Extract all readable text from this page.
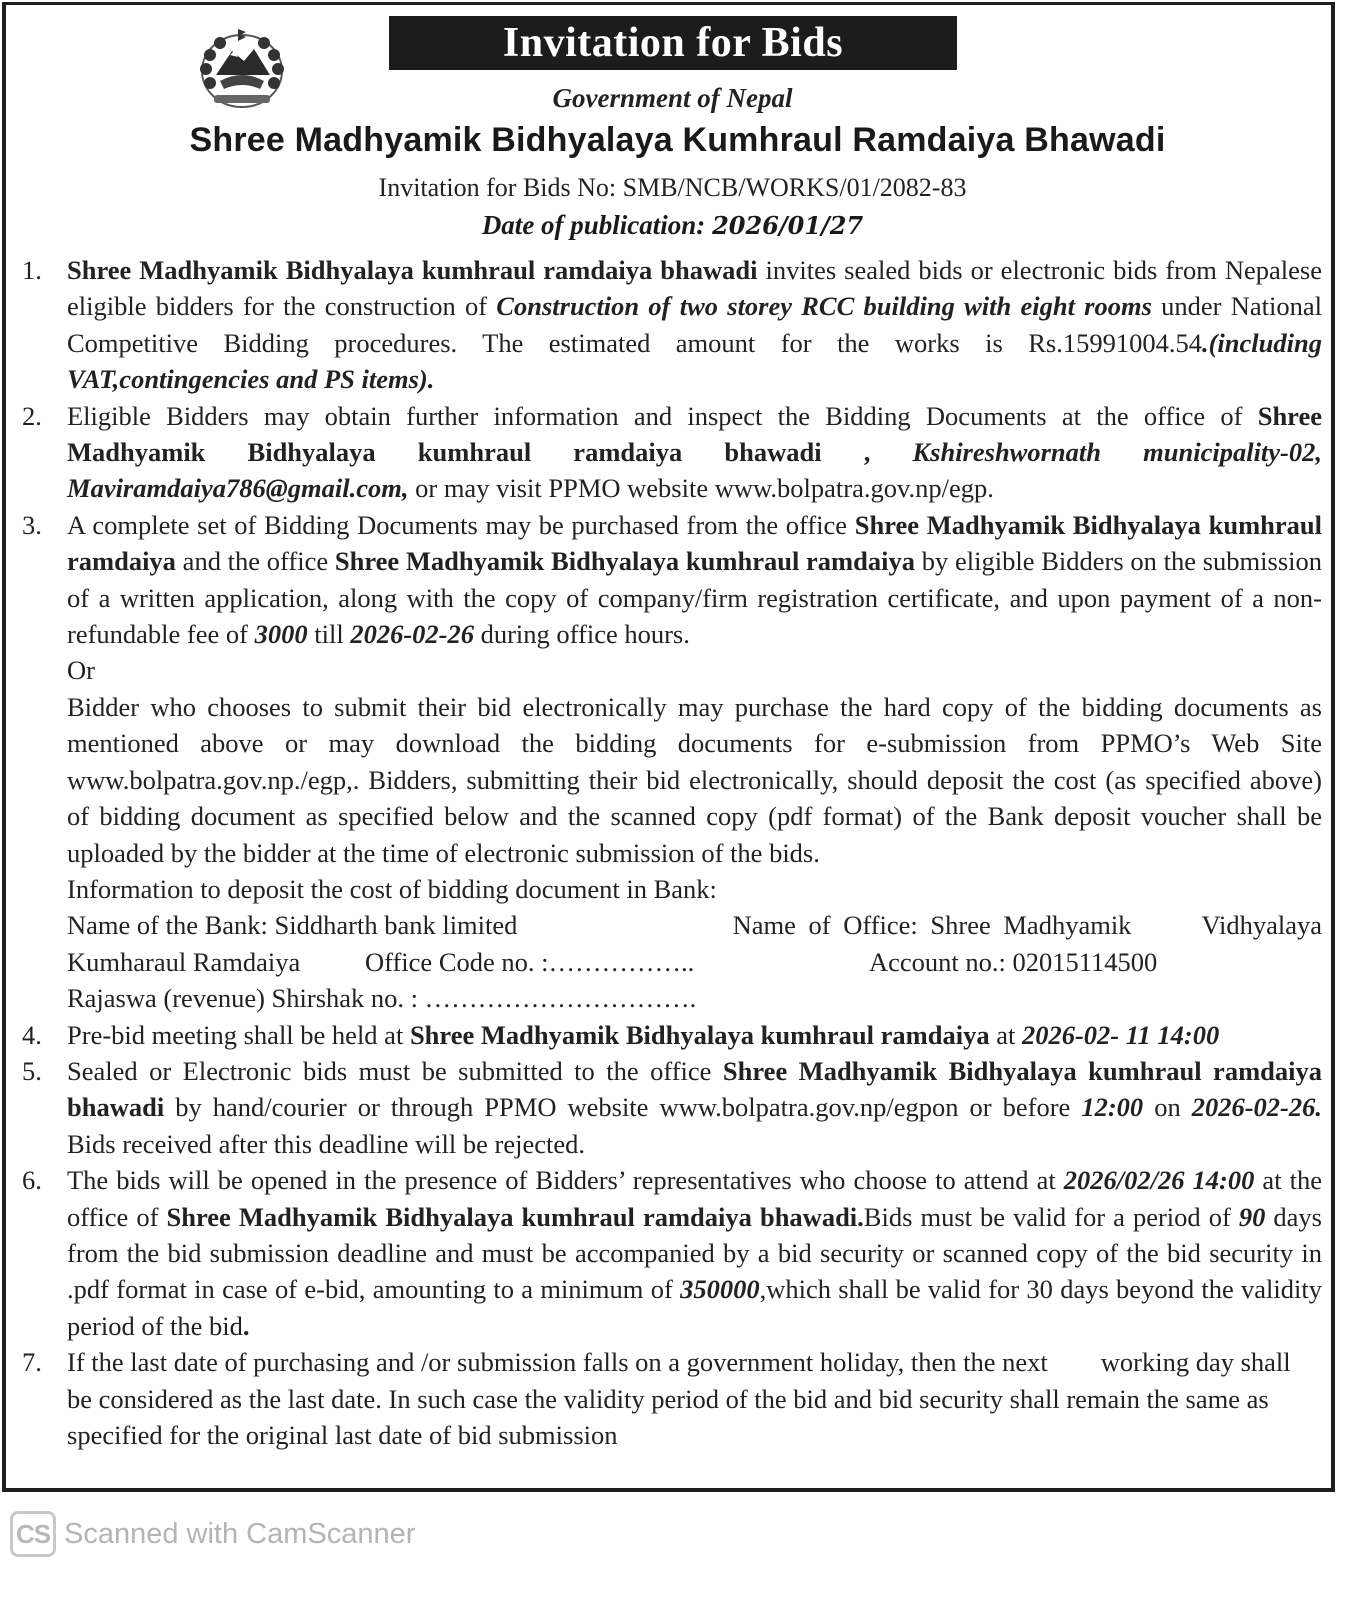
Invitation for Bids
Government of Nepal
Shree Madhyamik Bidhyalaya Kumhraul Ramdaiya Bhawadi
Invitation for Bids No: SMB/NCB/WORKS/01/2082-83
Date of publication: 2026/01/27
1. Shree Madhyamik Bidhyalaya kumhraul ramdaiya bhawadi invites sealed bids or electronic bids from Nepalese eligible bidders for the construction of Construction of two storey RCC building with eight rooms under National Competitive Bidding procedures. The estimated amount for the works is Rs.15991004.54.(including VAT,contingencies and PS items).
2. Eligible Bidders may obtain further information and inspect the Bidding Documents at the office of Shree Madhyamik Bidhyalaya kumhraul ramdaiya bhawadi , Kshireshwornath municipality-02, Maviramdaiya786@gmail.com, or may visit PPMO website www.bolpatra.gov.np/egp.
3. A complete set of Bidding Documents may be purchased from the office Shree Madhyamik Bidhyalaya kumhraul ramdaiya and the office Shree Madhyamik Bidhyalaya kumhraul ramdaiya by eligible Bidders on the submission of a written application, along with the copy of company/firm registration certificate, and upon payment of a non-refundable fee of 3000 till 2026-02-26 during office hours.
Or
Bidder who chooses to submit their bid electronically may purchase the hard copy of the bidding documents as mentioned above or may download the bidding documents for e-submission from PPMO’s Web Site www.bolpatra.gov.np./egp,. Bidders, submitting their bid electronically, should deposit the cost (as specified above) of bidding document as specified below and the scanned copy (pdf format) of the Bank deposit voucher shall be uploaded by the bidder at the time of electronic submission of the bids.
Information to deposit the cost of bidding document in Bank:
Name of the Bank: Siddharth bank limited	Name of Office: Shree Madhyamik	Vidhyalaya
Kumharaul Ramdaiya	Office Code no. :……………..	Account no.: 02015114500
Rajaswa (revenue) Shirshak no. : ………………………….
4. Pre-bid meeting shall be held at Shree Madhyamik Bidhyalaya kumhraul ramdaiya at 2026-02- 11 14:00
5. Sealed or Electronic bids must be submitted to the office Shree Madhyamik Bidhyalaya kumhraul ramdaiya bhawadi by hand/courier or through PPMO website www.bolpatra.gov.np/egpon or before 12:00 on 2026-02-26. Bids received after this deadline will be rejected.
6. The bids will be opened in the presence of Bidders’ representatives who choose to attend at 2026/02/26 14:00 at the office of Shree Madhyamik Bidhyalaya kumhraul ramdaiya bhawadi.Bids must be valid for a period of 90 days from the bid submission deadline and must be accompanied by a bid security or scanned copy of the bid security in .pdf format in case of e-bid, amounting to a minimum of 350000,which shall be valid for 30 days beyond the validity period of the bid.
7. If the last date of purchasing and /or submission falls on a government holiday, then the next        working day shall be considered as the last date. In such case the validity period of the bid and bid security shall remain the same as specified for the original last date of bid submission
CS Scanned with CamScanner
